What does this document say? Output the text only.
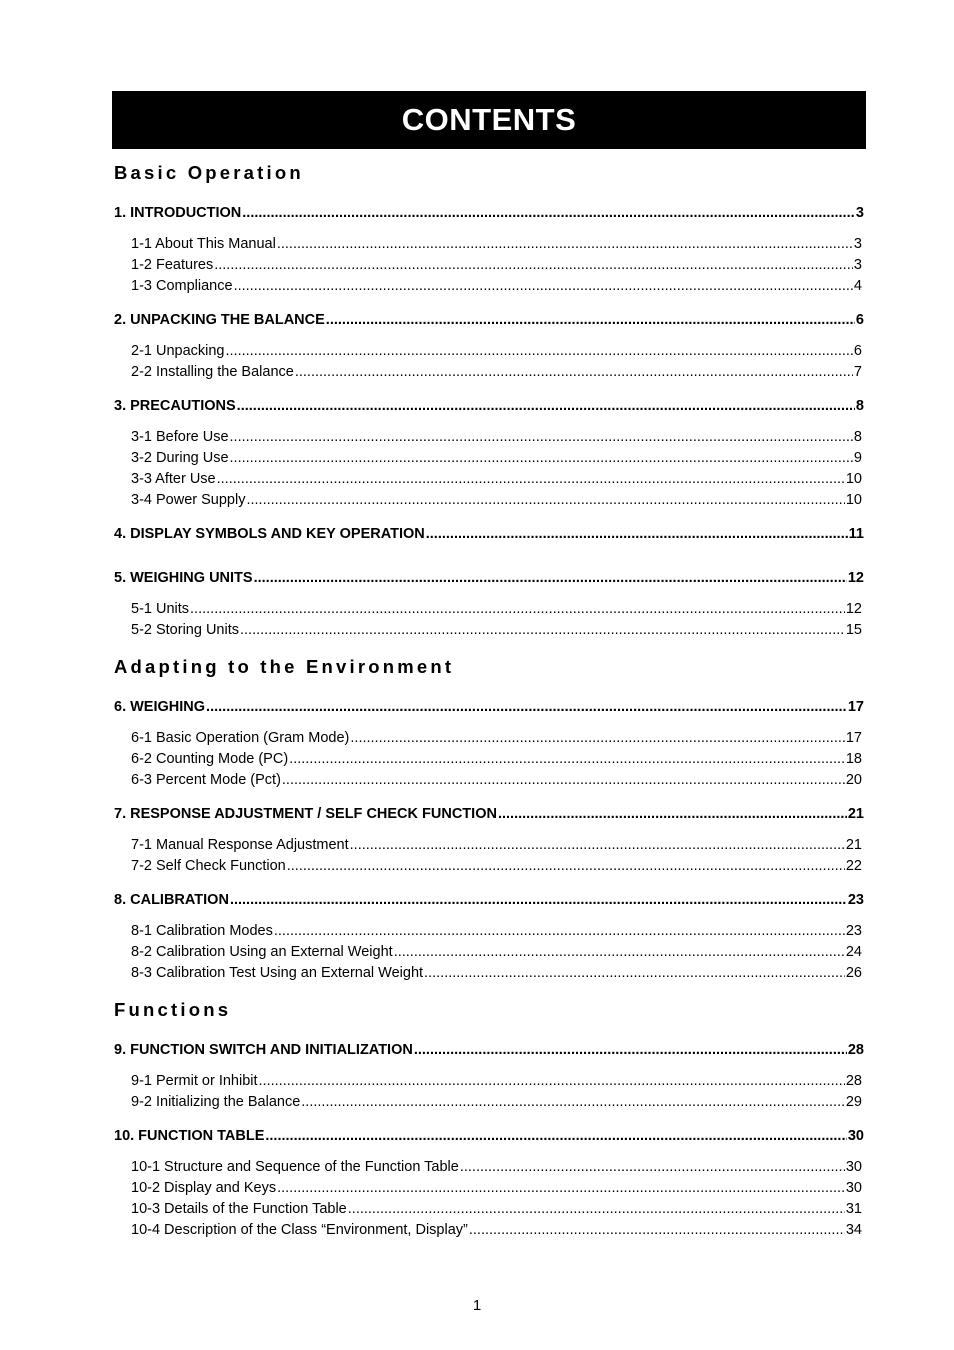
CONTENTS
Basic Operation
1. INTRODUCTION .....	3
1-1 About This Manual .....	3
1-2 Features .....	3
1-3 Compliance .....	4
2. UNPACKING THE BALANCE .....	6
2-1 Unpacking .....	6
2-2 Installing the Balance .....	7
3. PRECAUTIONS .....	8
3-1 Before Use .....	8
3-2 During Use .....	9
3-3 After Use .....	10
3-4 Power Supply .....	10
4. DISPLAY SYMBOLS AND KEY OPERATION .....	11
5. WEIGHING UNITS .....	12
5-1 Units .....	12
5-2 Storing Units .....	15
Adapting to the Environment
6. WEIGHING .....	17
6-1 Basic Operation (Gram Mode) .....	17
6-2 Counting Mode (PC) .....	18
6-3 Percent Mode (Pct) .....	20
7. RESPONSE ADJUSTMENT / SELF CHECK FUNCTION .....	21
7-1 Manual Response Adjustment .....	21
7-2 Self Check Function .....	22
8. CALIBRATION .....	23
8-1 Calibration Modes .....	23
8-2 Calibration Using an External Weight .....	24
8-3 Calibration Test Using an External Weight .....	26
Functions
9. FUNCTION SWITCH AND INITIALIZATION .....	28
9-1 Permit or Inhibit .....	28
9-2 Initializing the Balance .....	29
10. FUNCTION TABLE .....	30
10-1 Structure and Sequence of the Function Table .....	30
10-2 Display and Keys .....	30
10-3 Details of the Function Table .....	31
10-4 Description of the Class “Environment, Display” .....	34
1
